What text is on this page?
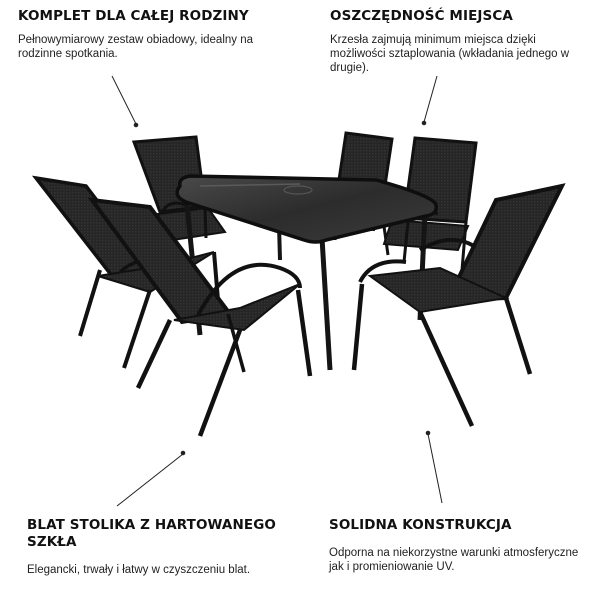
KOMPLET DLA CAŁEJ RODZINY

Pełnowymiarowy zestaw obiadowy, idealny na rodzinne spotkania.

OSZCZĘDNOŚĆ MIEJSCA

Krzesła zajmują minimum miejsca dzięki możliwości sztaplowania (wkładania jednego w drugie).

BLAT STOLIKA Z HARTOWANEGO SZKŁA

Elegancki, trwały i łatwy w czyszczeniu blat.

SOLIDNA KONSTRUKCJA

Odporna na niekorzystne warunki atmosferyczne jak i promieniowanie UV.
